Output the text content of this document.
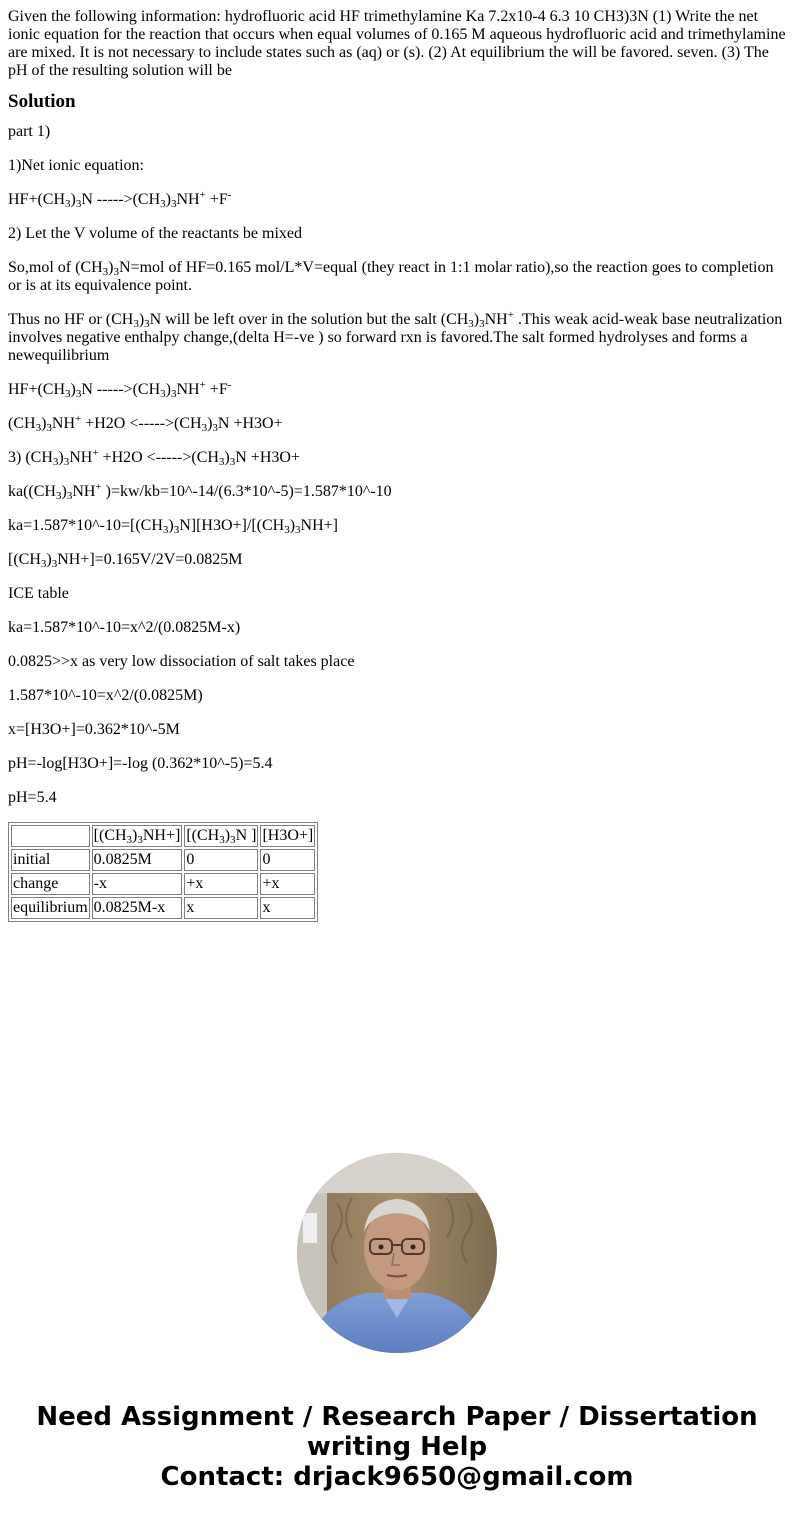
Given the following information: hydrofluoric acid HF trimethylamine Ka 7.2x10-4 6.3 10 CH3)3N (1) Write the net ionic equation for the reaction that occurs when equal volumes of 0.165 M aqueous hydrofluoric acid and trimethylamine are mixed. It is not necessary to include states such as (aq) or (s). (2) At equilibrium the will be favored. seven. (3) The pH of the resulting solution will be

Solution

part 1)

1)Net ionic equation:

$HF+(CH_3)_3N$ $----->(CH_3)_3NH^+ +F^-$

2) Let the V volume of the reactants be mixed

So,mol of $(CH_3)_3N=mol$ of HF=0.165 mol/L*V=equal (they react in 1:1 molar ratio),so the reaction goes to completion or is at its equivalence point.

Thus no HF or $(CH_3)_3N$ will be left over in the solution but the salt $(CH_3)_3NH^+$ .This weak acid-weak base neutralization involves negative enthalpy change,(delta H=-ve ) so forward rxn is favored.The salt formed hydrolyses and forms a newequilibrium

$HF+(CH_3)_3N$ $----->(CH_3)_3NH^+ +F^-$

$(CH_3)_3NH^+ +H2O <----->(CH_3)_3N +H3O+$

3) $(CH_3)_3NH^+ +H2O <----->(CH_3)_3N +H3O+$

$ka((CH_3)_3NH^+$ )=kw/kb=10^-14/(6.3*10^-5)=1.587*10^-10

$ka=1.587*10\^{}-10=[(CH_3)_3N][H3O+]/[(CH_3)_3NH+]$

$[(CH_3)_3NH+]=0.165V/2V=0.0825M$

ICE table

ka=1.587*10^-10=x^2/(0.0825M-x)

0.0825>>x as very low dissociation of salt takes place

1.587*10^-10=x^2/(0.0825M)

x=[H3O+]=0.362*10^-5M

pH=-log[H3O+]=-log (0.362*10^-5)=5.4

pH=5.4

	$[(CH_3)_3NH+]$	[$(CH_3)_3N$ ]	[H3O+]
initial	0.0825M	0	0
change	-x	+x	+x
equilibrium	0.0825M-x	x	x
Need Assignment / Research Paper / Dissertation
writing Help
Contact: drjack9650@gmail.com
